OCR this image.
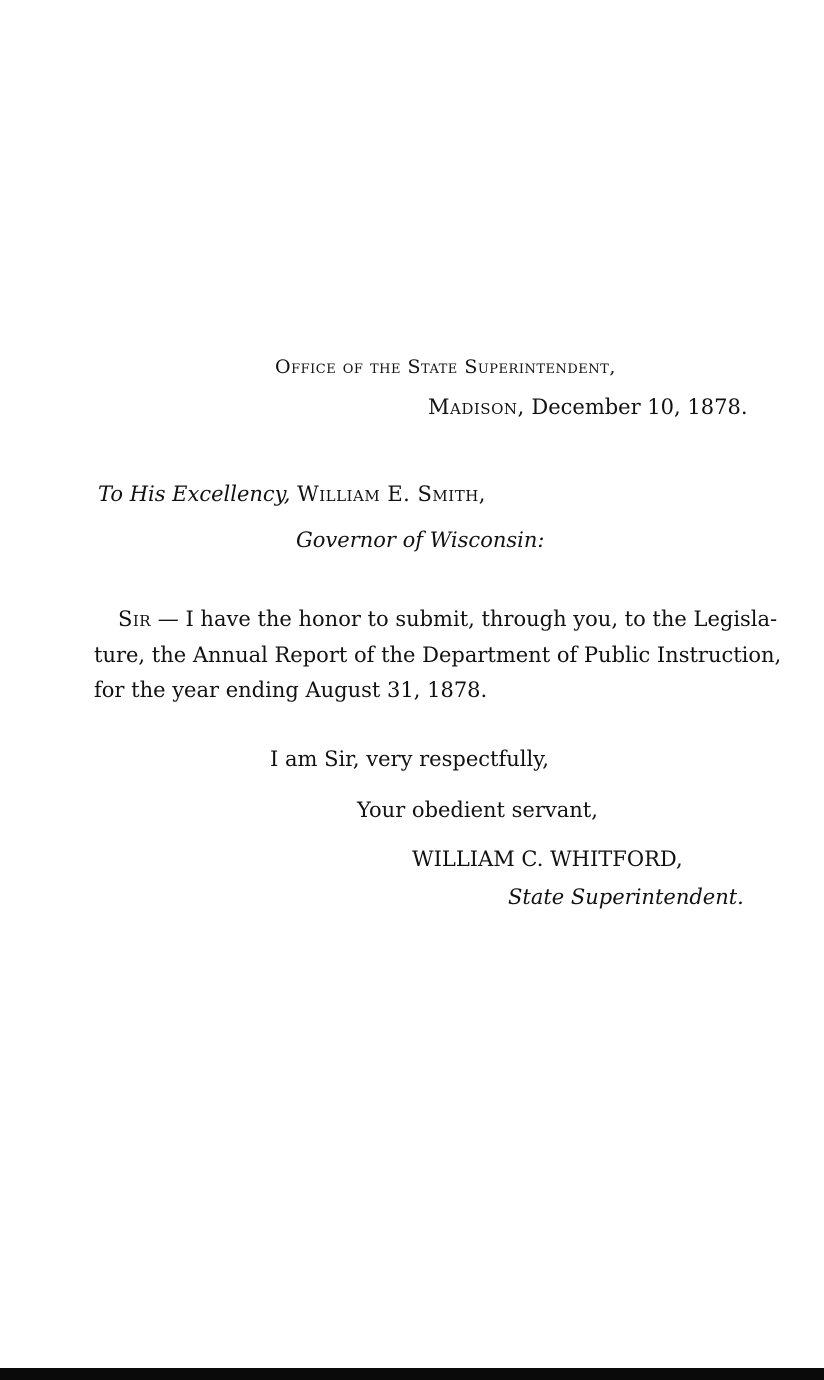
Office of the State Superintendent,
Madison, December 10, 1878.
To His Excellency, William E. Smith,
Governor of Wisconsin:
Sir — I have the honor to submit, through you, to the Legisla-
ture, the Annual Report of the Department of Public Instruction,
for the year ending August 31, 1878.
I am Sir, very respectfully,
Your obedient servant,
WILLIAM C. WHITFORD,
State Superintendent.
